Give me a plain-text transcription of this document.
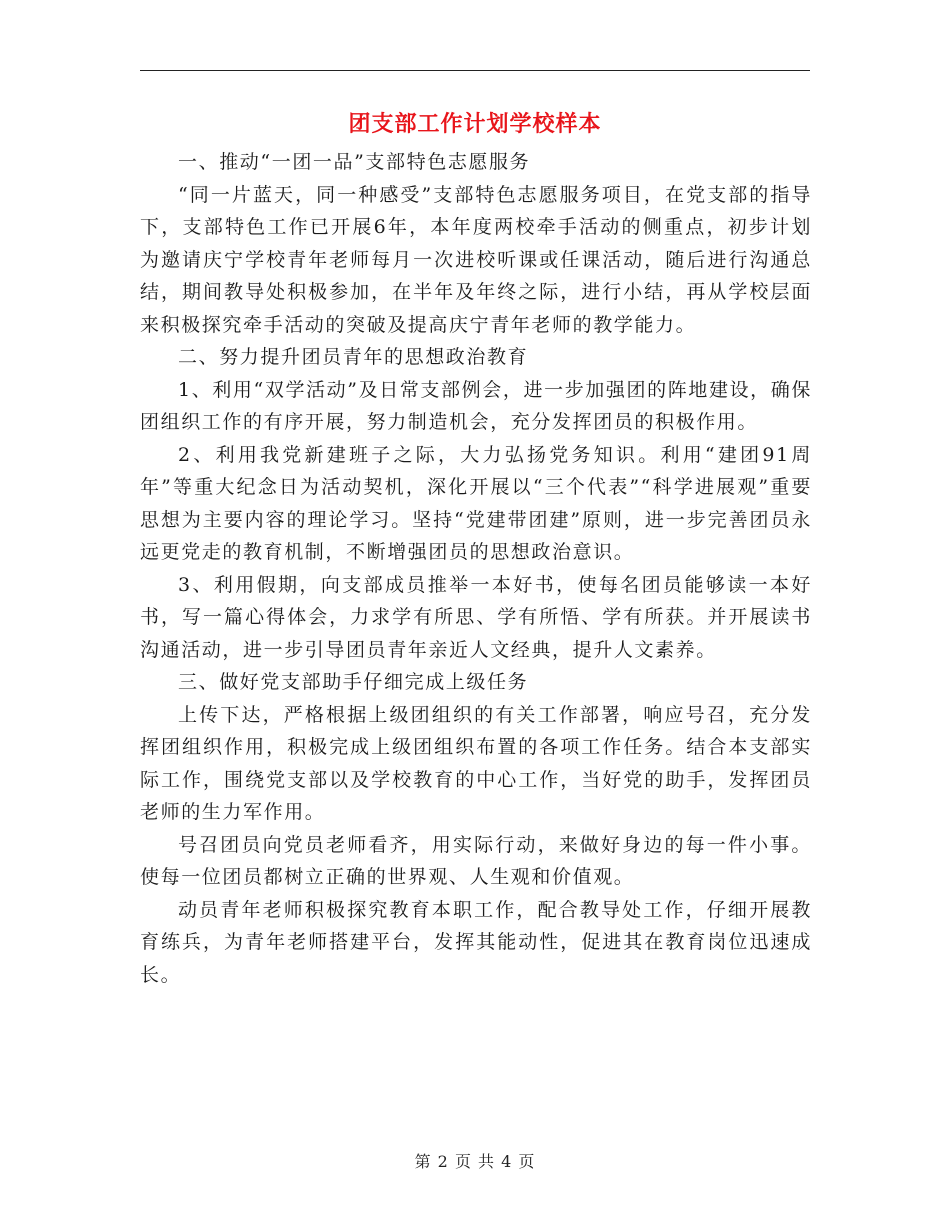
团支部工作计划学校样本

一、推动“一团一品”支部特色志愿服务

“同一片蓝天，同一种感受”支部特色志愿服务项目，在党支部的指导下，支部特色工作已开展6年，本年度两校牵手活动的侧重点，初步计划为邀请庆宁学校青年老师每月一次进校听课或任课活动，随后进行沟通总结，期间教导处积极参加，在半年及年终之际，进行小结，再从学校层面来积极探究牵手活动的突破及提高庆宁青年老师的教学能力。

二、努力提升团员青年的思想政治教育

1、利用“双学活动”及日常支部例会，进一步加强团的阵地建设，确保团组织工作的有序开展，努力制造机会，充分发挥团员的积极作用。

2、利用我党新建班子之际，大力弘扬党务知识。利用“建团91周年”等重大纪念日为活动契机，深化开展以“三个代表”“科学进展观”重要思想为主要内容的理论学习。坚持“党建带团建”原则，进一步完善团员永远更党走的教育机制，不断增强团员的思想政治意识。

3、利用假期，向支部成员推举一本好书，使每名团员能够读一本好书，写一篇心得体会，力求学有所思、学有所悟、学有所获。并开展读书沟通活动，进一步引导团员青年亲近人文经典，提升人文素养。

三、做好党支部助手仔细完成上级任务

上传下达，严格根据上级团组织的有关工作部署，响应号召，充分发挥团组织作用，积极完成上级团组织布置的各项工作任务。结合本支部实际工作，围绕党支部以及学校教育的中心工作，当好党的助手，发挥团员老师的生力军作用。

号召团员向党员老师看齐，用实际行动，来做好身边的每一件小事。使每一位团员都树立正确的世界观、人生观和价值观。

动员青年老师积极探究教育本职工作，配合教导处工作，仔细开展教育练兵，为青年老师搭建平台，发挥其能动性，促进其在教育岗位迅速成长。

第 2 页 共 4 页
